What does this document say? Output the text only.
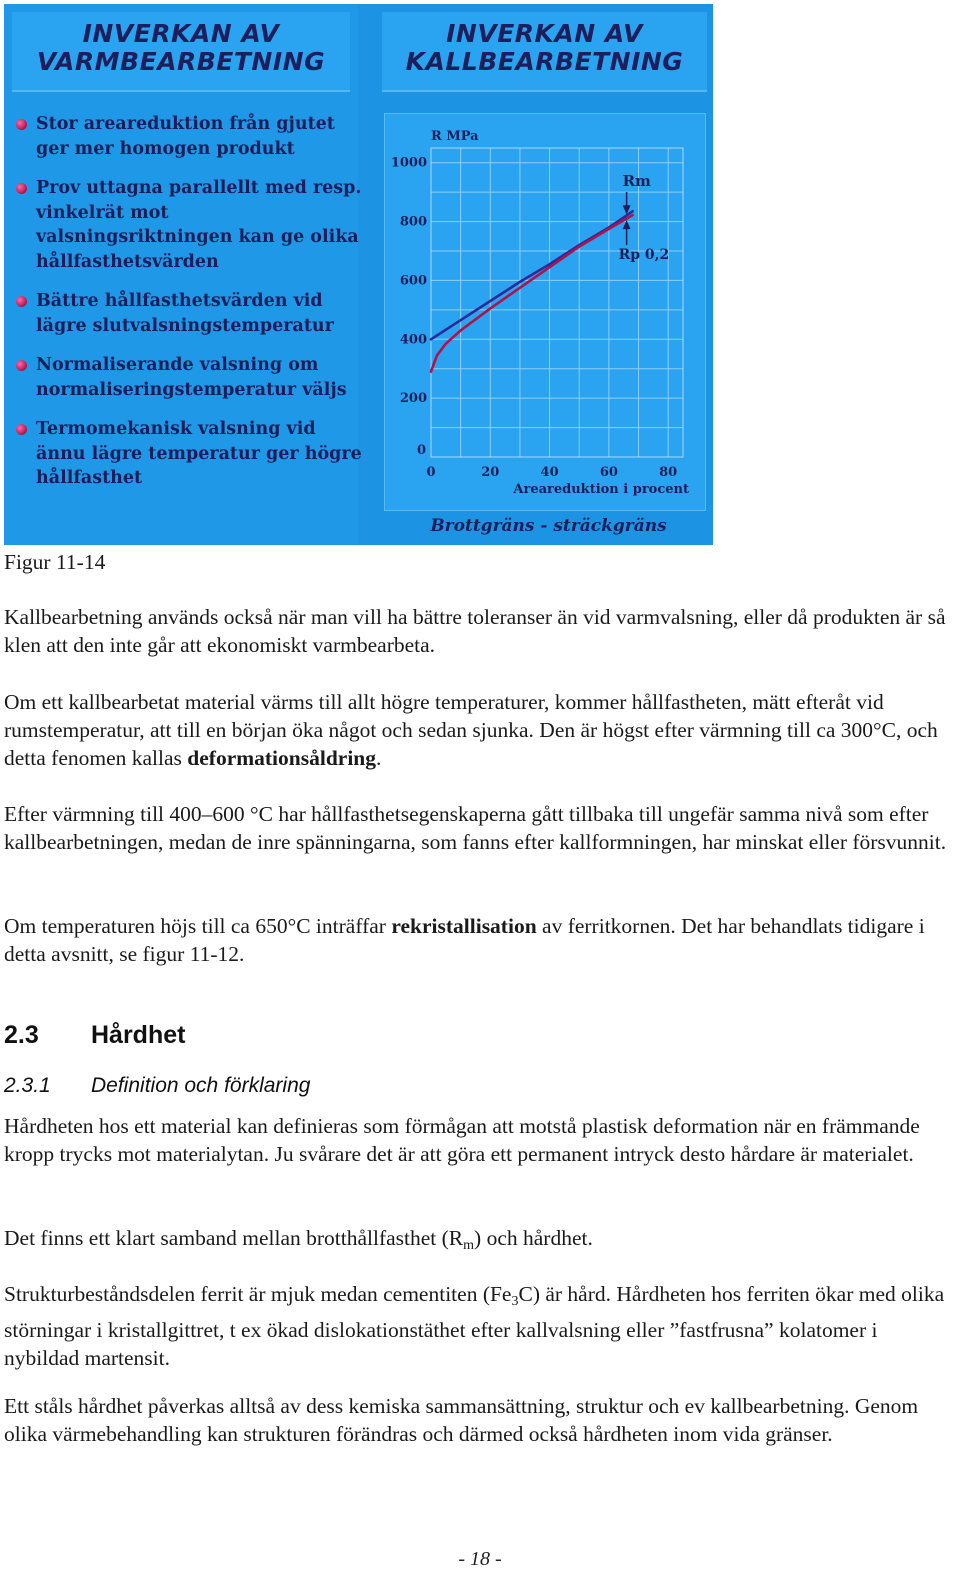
INVERKAN AV
VARMBEARBETNING
INVERKAN AV
KALLBEARBETNING
Stor areareduktion från gjutet ger mer homogen produkt
Prov uttagna parallellt med resp. vinkelrät mot valsningsriktningen kan ge olika hållfasthetsvärden
Bättre hållfasthetsvärden vid lägre slutvalsningstemperatur
Normaliserande valsning om normaliseringstemperatur väljs
Termomekanisk valsning vid ännu lägre temperatur ger högre hållfasthet	0	20	40	60	80
200
400
600
800
1000
0
R MPa
Areareduktion i procent
Rm
Rp 0,2
Brottgräns - sträckgräns
Figur 11-14
Kallbearbetning används också när man vill ha bättre toleranser än vid varmvalsning, eller då produkten är så klen att den inte går att ekonomiskt varmbearbeta.
Om ett kallbearbetat material värms till allt högre temperaturer, kommer hållfastheten, mätt efteråt vid rumstemperatur, att till en början öka något och sedan sjunka. Den är högst efter värmning till ca 300°C, och detta fenomen kallas deformationsåldring.
Efter värmning till 400–600 °C har hållfasthetsegenskaperna gått tillbaka till ungefär samma nivå som efter kallbearbetningen, medan de inre spänningarna, som fanns efter kallformningen, har minskat eller försvunnit.
Om temperaturen höjs till ca 650°C inträffar rekristallisation av ferritkornen. Det har behandlats tidigare i detta avsnitt, se figur 11-12.
2.3 Hårdhet
2.3.1 Definition och förklaring
Hårdheten hos ett material kan definieras som förmågan att motstå plastisk deformation när en främmande kropp trycks mot materialytan. Ju svårare det är att göra ett permanent intryck desto hårdare är materialet.
Det finns ett klart samband mellan brotthållfasthet $(R_m)$ och hårdhet.
Strukturbeståndsdelen ferrit är mjuk medan cementiten $(Fe_3C)$ är hård. Hårdheten hos ferriten ökar med olika störningar i kristallgittret, t ex ökad dislokationstäthet efter kallvalsning eller ”fastfrusna” kolatomer i nybildad martensit.
Ett ståls hårdhet påverkas alltså av dess kemiska sammansättning, struktur och ev kallbearbetning. Genom olika värmebehandling kan strukturen förändras och därmed också hårdheten inom vida gränser.
- 18 -
